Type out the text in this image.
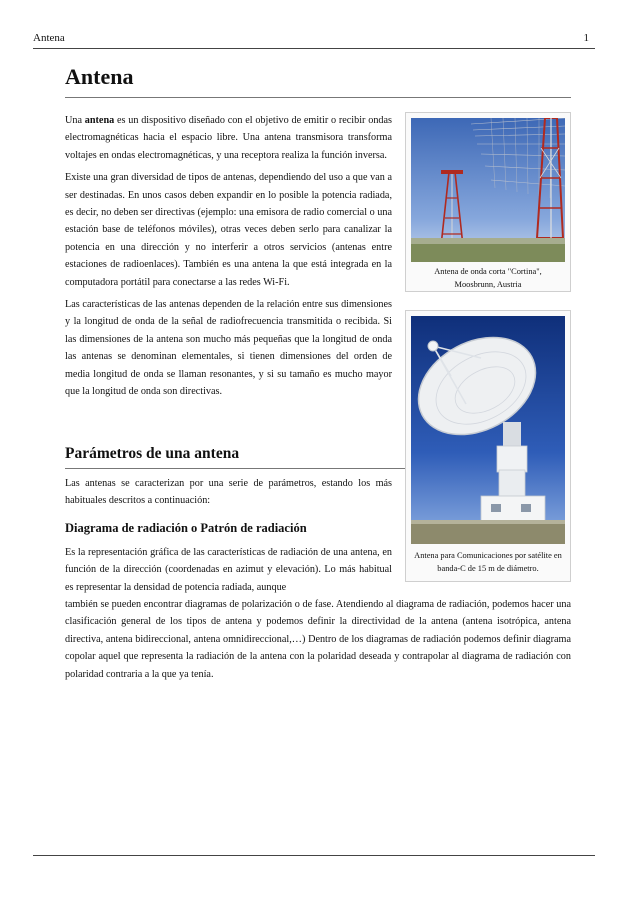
Antena	1
Antena

Una antena es un dispositivo diseñado con el objetivo de emitir o recibir ondas electromagnéticas hacia el espacio libre. Una antena transmisora transforma voltajes en ondas electromagnéticas, y una receptora realiza la función inversa.

Existe una gran diversidad de tipos de antenas, dependiendo del uso a que van a ser destinadas. En unos casos deben expandir en lo posible la potencia radiada, es decir, no deben ser directivas (ejemplo: una emisora de radio comercial o una estación base de teléfonos móviles), otras veces deben serlo para canalizar la potencia en una dirección y no interferir a otros servicios (antenas entre estaciones de radioenlaces). También es una antena la que está integrada en la computadora portátil para conectarse a las redes Wi-Fi.

Las características de las antenas dependen de la relación entre sus dimensiones y la longitud de onda de la señal de radiofrecuencia transmitida o recibida. Si las dimensiones de la antena son mucho más pequeñas que la longitud de onda las antenas se denominan elementales, si tienen dimensiones del orden de media longitud de onda se llaman resonantes, y si su tamaño es mucho mayor que la longitud de onda son directivas.

Parámetros de una antena
Las antenas se caracterizan por una serie de parámetros, estando los más habituales descritos a continuación:
Diagrama de radiación o Patrón de radiación
Es la representación gráfica de las características de radiación de una antena, en función de la dirección (coordenadas en azimut y elevación). Lo más habitual es representar la densidad de potencia radiada, aunque
también se pueden encontrar diagramas de polarización o de fase. Atendiendo al diagrama de radiación, podemos hacer una clasificación general de los tipos de antena y podemos definir la directividad de la antena (antena isotrópica, antena directiva, antena bidireccional, antena omnidireccional,…) Dentro de los diagramas de radiación podemos definir diagrama copolar aquel que representa la radiación de la antena con la polaridad deseada y contrapolar al diagrama de radiación con polaridad contraria a la que ya tenía.
Antena de onda corta "Cortina",
Moosbrunn, Austria
Antena para Comunicaciones por satélite en
banda-C de 15 m de diámetro.
